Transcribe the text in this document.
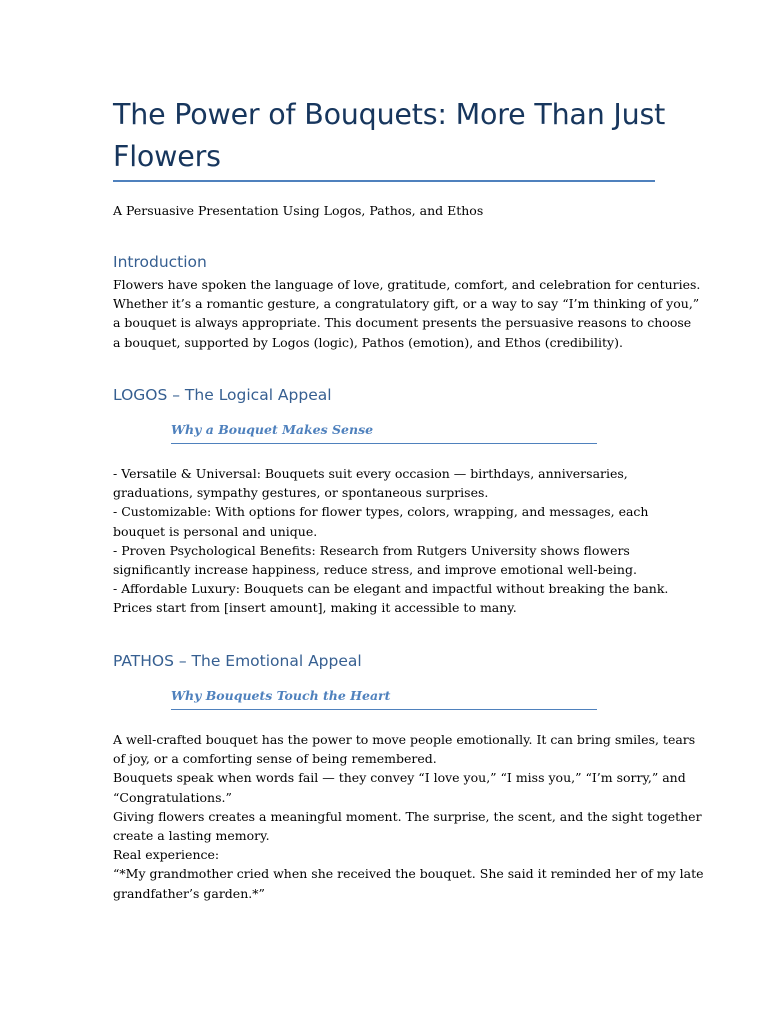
The Power of Bouquets: More Than Just
Flowers

A Persuasive Presentation Using Logos, Pathos, and Ethos

Introduction

Flowers have spoken the language of love, gratitude, comfort, and celebration for centuries.
Whether it’s a romantic gesture, a congratulatory gift, or a way to say “I’m thinking of you,”
a bouquet is always appropriate. This document presents the persuasive reasons to choose
a bouquet, supported by Logos (logic), Pathos (emotion), and Ethos (credibility).

LOGOS – The Logical Appeal
Why a Bouquet Makes Sense

- Versatile & Universal: Bouquets suit every occasion — birthdays, anniversaries,
graduations, sympathy gestures, or spontaneous surprises.
- Customizable: With options for flower types, colors, wrapping, and messages, each
bouquet is personal and unique.
- Proven Psychological Benefits: Research from Rutgers University shows flowers
significantly increase happiness, reduce stress, and improve emotional well-being.
- Affordable Luxury: Bouquets can be elegant and impactful without breaking the bank.
Prices start from [insert amount], making it accessible to many.

PATHOS – The Emotional Appeal
Why Bouquets Touch the Heart

A well-crafted bouquet has the power to move people emotionally. It can bring smiles, tears
of joy, or a comforting sense of being remembered.
Bouquets speak when words fail — they convey “I love you,” “I miss you,” “I’m sorry,” and
“Congratulations.”
Giving flowers creates a meaningful moment. The surprise, the scent, and the sight together
create a lasting memory.
Real experience:
“*My grandmother cried when she received the bouquet. She said it reminded her of my late
grandfather’s garden.*”
